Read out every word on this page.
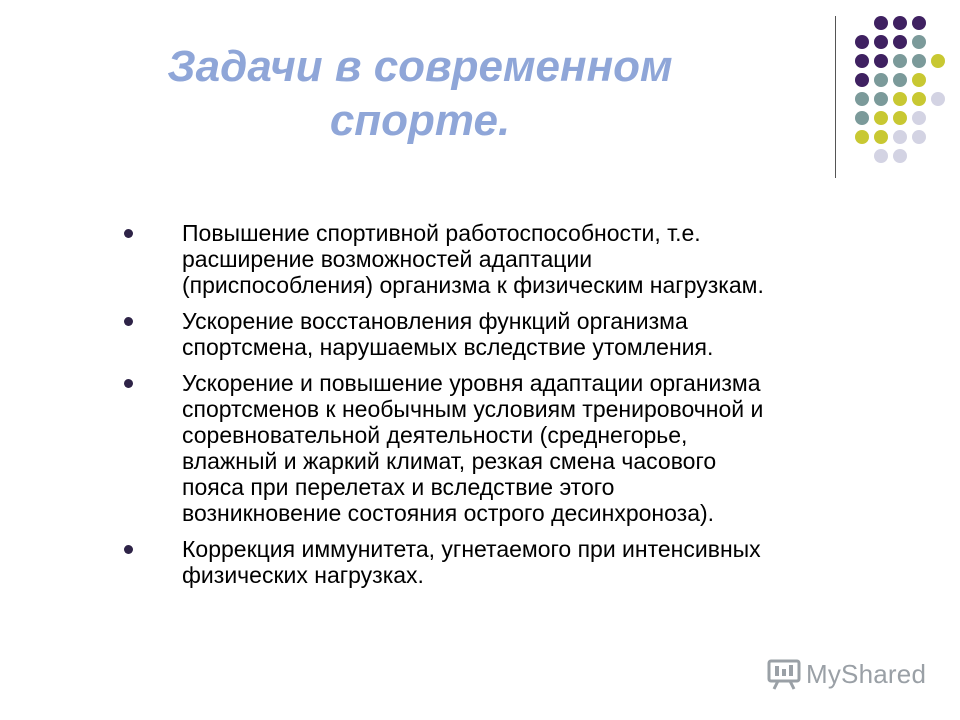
Задачи в современном
спорте.
Повышение спортивной работоспособности, т.е.
расширение возможностей адаптации
(приспособления) организма к физическим нагрузкам.
Ускорение восстановления функций организма
спортсмена, нарушаемых вследствие утомления.
Ускорение и повышение уровня адаптации организма
спортсменов к необычным условиям тренировочной и
соревновательной деятельности (среднегорье,
влажный и жаркий климат, резкая смена часового
пояса при перелетах и вследствие этого
возникновение состояния острого десинхроноза).
Коррекция иммунитета, угнетаемого при интенсивных
физических нагрузках.
MyShared
